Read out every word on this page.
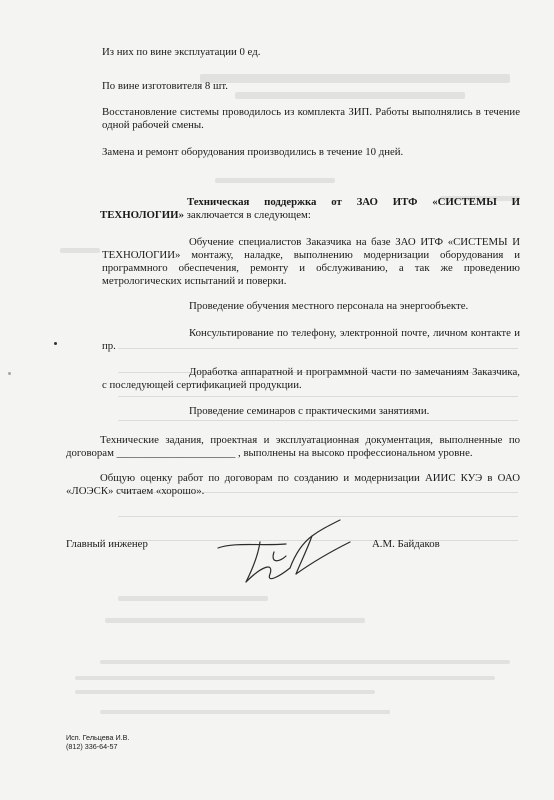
Из них по вине эксплуатации 0 ед.

По вине изготовителя 8 шт.

Восстановление системы проводилось из комплекта ЗИП. Работы выполнялись в течение одной рабочей смены.

Замена и ремонт оборудования производились в течение 10 дней.

Техническая поддержка от ЗАО ИТФ «СИСТЕМЫ И ТЕХНОЛОГИИ» заключается в следующем:

Обучение специалистов Заказчика на базе ЗАО ИТФ «СИСТЕМЫ И ТЕХНОЛОГИИ» монтажу, наладке, выполнению модернизации оборудования и программного обеспечения, ремонту и обслуживанию, а так же проведению метрологических испытаний и поверки.

Проведение обучения местного персонала на энергообъекте.

Консультирование по телефону, электронной почте, личном контакте и пр.

Доработка аппаратной и программной части по замечаниям Заказчика, с последующей сертификацией продукции.

Проведение семинаров с практическими занятиями.

Технические задания, проектная и эксплуатационная документация, выполненные по договорам ______________________ , выполнены на высоко профессиональном уровне.

Общую оценку работ по договорам по созданию и модернизации АИИС КУЭ в ОАО «ЛОЭСК» считаем «хорошо».

Главный инженер	А.М. Байдаков
Исп. Гельцева И.В.
(812) 336-64-57
